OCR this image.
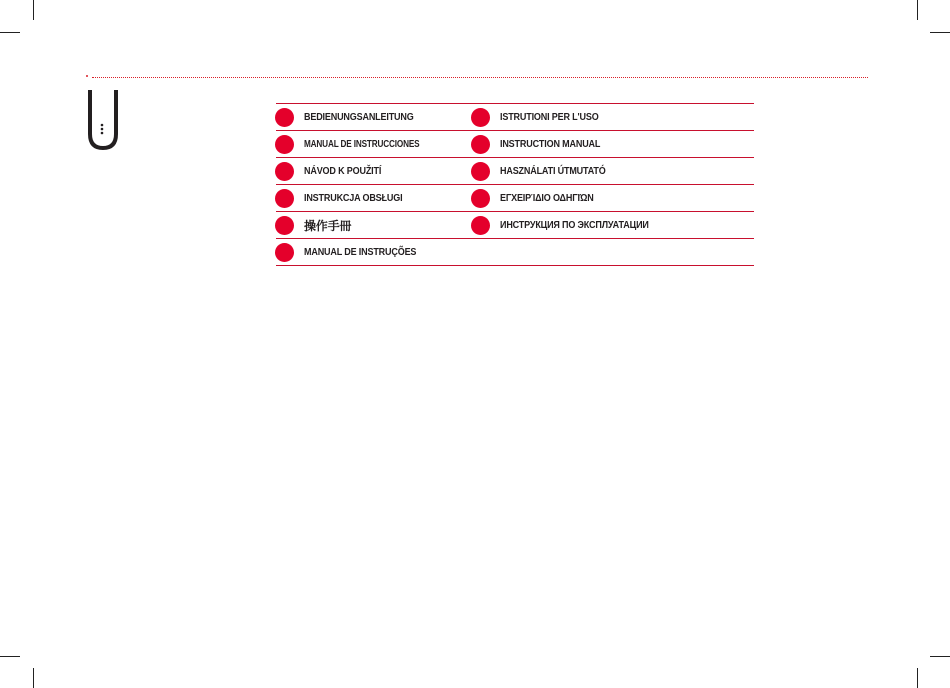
BEDIENUNGSANLEITUNG	ISTRUTIONI PER L'USO
MANUAL DE INSTRUCCIONES	INSTRUCTION MANUAL
NÁVOD K POUŽITÍ	HASZNÁLATI ÚTMUTATÓ
INSTRUKCJA OBSŁUGI	ΕΓΧΕΙΡΊΔΙΟ ΟΔΗΓΙΏΝ
操作手冊	ИНСТРУКЦИЯ ПО ЭКСПЛУАТАЦИИ
MANUAL DE INSTRUÇÕES
